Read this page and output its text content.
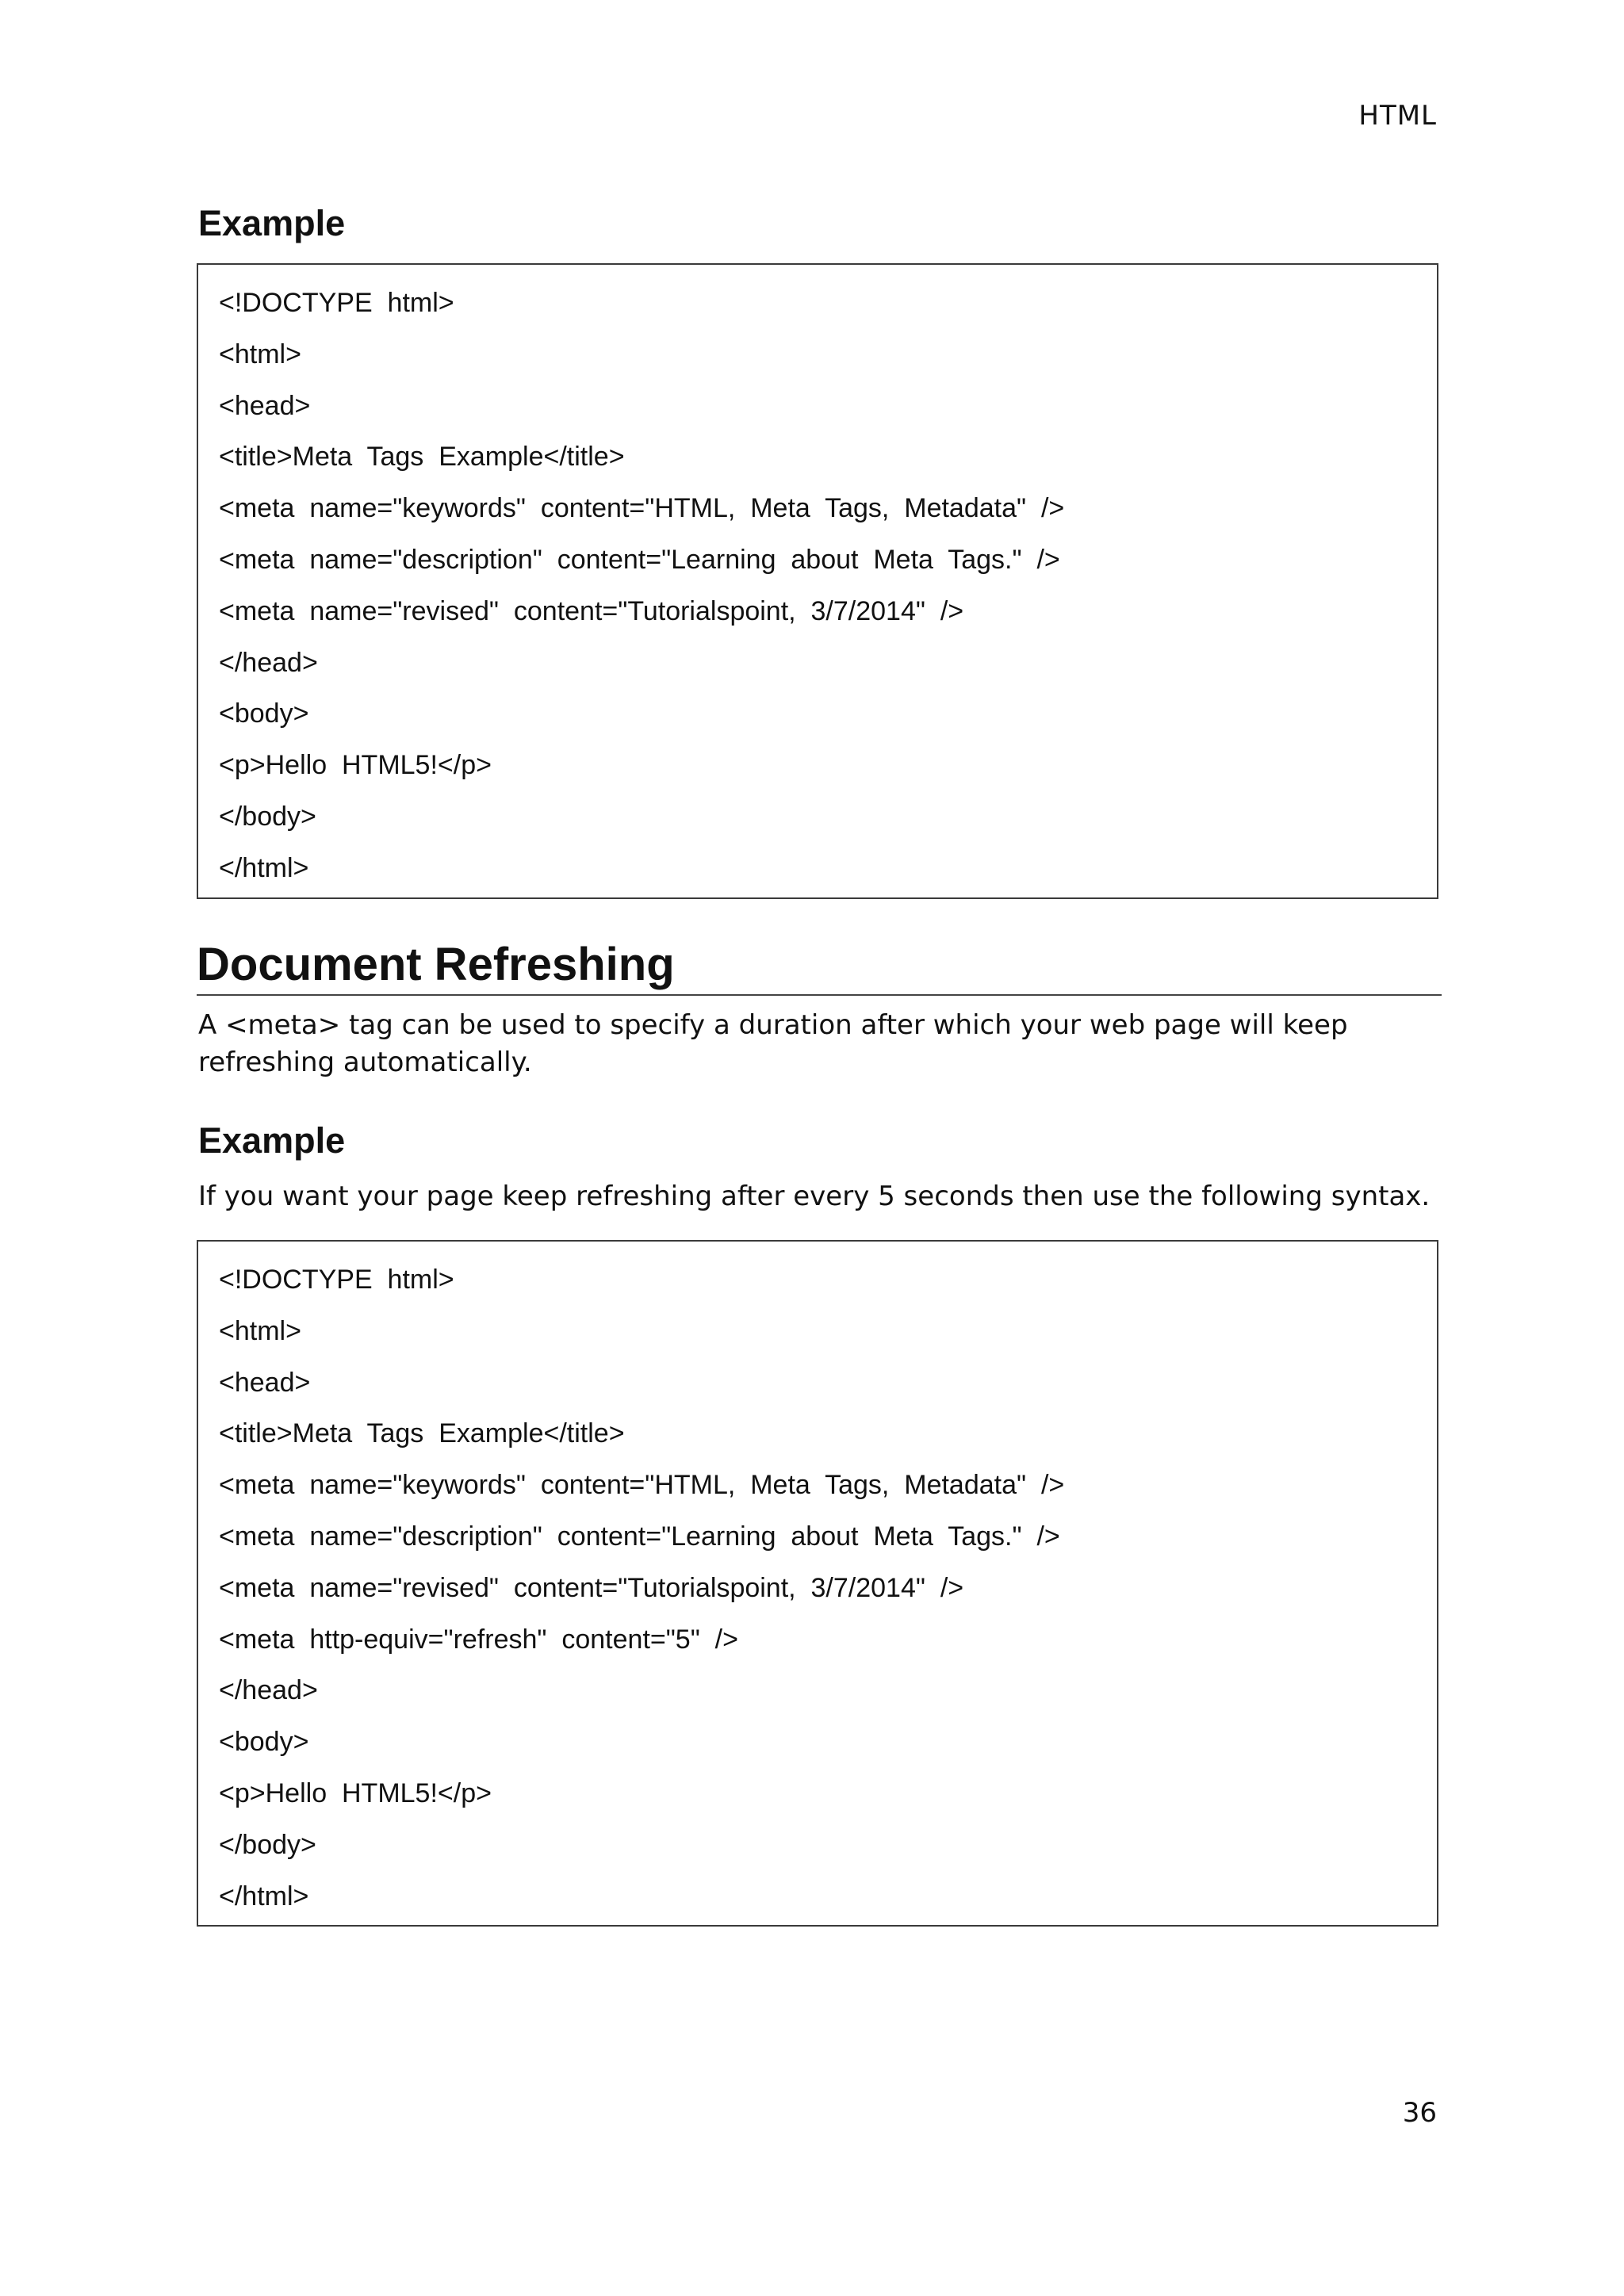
HTML
Example
<!DOCTYPE  html>
<html>
<head>
<title>Meta  Tags  Example</title>
<meta  name="keywords"  content="HTML,  Meta  Tags,  Metadata"  />
<meta  name="description"  content="Learning  about  Meta  Tags."  />
<meta  name="revised"  content="Tutorialspoint,  3/7/2014"  />
</head>
<body>
<p>Hello  HTML5!</p>
</body>
</html>
Document Refreshing

A <meta> tag can be used to specify a duration after which your web page will keep
refreshing automatically.

Example

If you want your page keep refreshing after every 5 seconds then use the following syntax.

<!DOCTYPE  html>
<html>
<head>
<title>Meta  Tags  Example</title>
<meta  name="keywords"  content="HTML,  Meta  Tags,  Metadata"  />
<meta  name="description"  content="Learning  about  Meta  Tags."  />
<meta  name="revised"  content="Tutorialspoint,  3/7/2014"  />
<meta  http-equiv="refresh"  content="5"  />
</head>
<body>
<p>Hello  HTML5!</p>
</body>
</html>
36
